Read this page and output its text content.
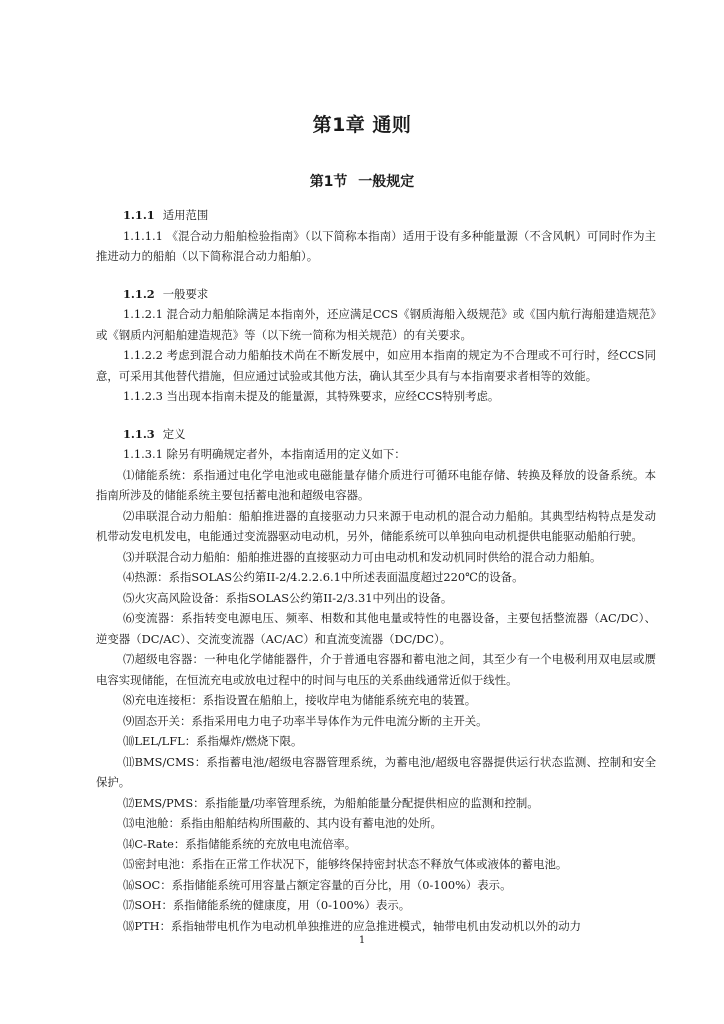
第1章 通则
第1节 一般规定

1.1.1 适用范围

1.1.1.1 《混合动力船舶检验指南》（以下简称本指南）适用于设有多种能量源（不含风帆）可同时作为主推进动力的船舶（以下简称混合动力船舶）。

1.1.2 一般要求

1.1.2.1 混合动力船舶除满足本指南外，还应满足CCS《钢质海船入级规范》或《国内航行海船建造规范》或《钢质内河船舶建造规范》等（以下统一简称为相关规范）的有关要求。

1.1.2.2 考虑到混合动力船舶技术尚在不断发展中，如应用本指南的规定为不合理或不可行时，经CCS同意，可采用其他替代措施，但应通过试验或其他方法，确认其至少具有与本指南要求者相等的效能。

1.1.2.3 当出现本指南未提及的能量源，其特殊要求，应经CCS特别考虑。

1.1.3 定义

1.1.3.1 除另有明确规定者外，本指南适用的定义如下：

⑴储能系统：系指通过电化学电池或电磁能量存储介质进行可循环电能存储、转换及释放的设备系统。本指南所涉及的储能系统主要包括蓄电池和超级电容器。

⑵串联混合动力船舶：船舶推进器的直接驱动力只来源于电动机的混合动力船舶。其典型结构特点是发动机带动发电机发电，电能通过变流器驱动电动机，另外，储能系统可以单独向电动机提供电能驱动船舶行驶。

⑶并联混合动力船舶：船舶推进器的直接驱动力可由电动机和发动机同时供给的混合动力船舶。

⑷热源：系指SOLAS公约第II-2/4.2.2.6.1中所述表面温度超过220℃的设备。

⑸火灾高风险设备：系指SOLAS公约第II-2/3.31中列出的设备。

⑹变流器：系指转变电源电压、频率、相数和其他电量或特性的电器设备，主要包括整流器（AC/DC）、逆变器（DC/AC）、交流变流器（AC/AC）和直流变流器（DC/DC）。

⑺超级电容器：一种电化学储能器件，介于普通电容器和蓄电池之间，其至少有一个电极利用双电层或赝电容实现储能，在恒流充电或放电过程中的时间与电压的关系曲线通常近似于线性。

⑻充电连接柜：系指设置在船舶上，接收岸电为储能系统充电的装置。

⑼固态开关：系指采用电力电子功率半导体作为元件电流分断的主开关。

⑽LEL/LFL：系指爆炸/燃烧下限。

⑾BMS/CMS：系指蓄电池/超级电容器管理系统，为蓄电池/超级电容器提供运行状态监测、控制和安全保护。

⑿EMS/PMS：系指能量/功率管理系统，为船舶能量分配提供相应的监测和控制。

⒀电池舱：系指由船舶结构所围蔽的、其内设有蓄电池的处所。

⒁C-Rate：系指储能系统的充放电电流倍率。

⒂密封电池：系指在正常工作状况下，能够终保持密封状态不释放气体或液体的蓄电池。

⒃SOC：系指储能系统可用容量占额定容量的百分比，用（0-100%）表示。

⒄SOH：系指储能系统的健康度，用（0-100%）表示。

⒅PTH：系指轴带电机作为电动机单独推进的应急推进模式，轴带电机由发动机以外的动力

1
